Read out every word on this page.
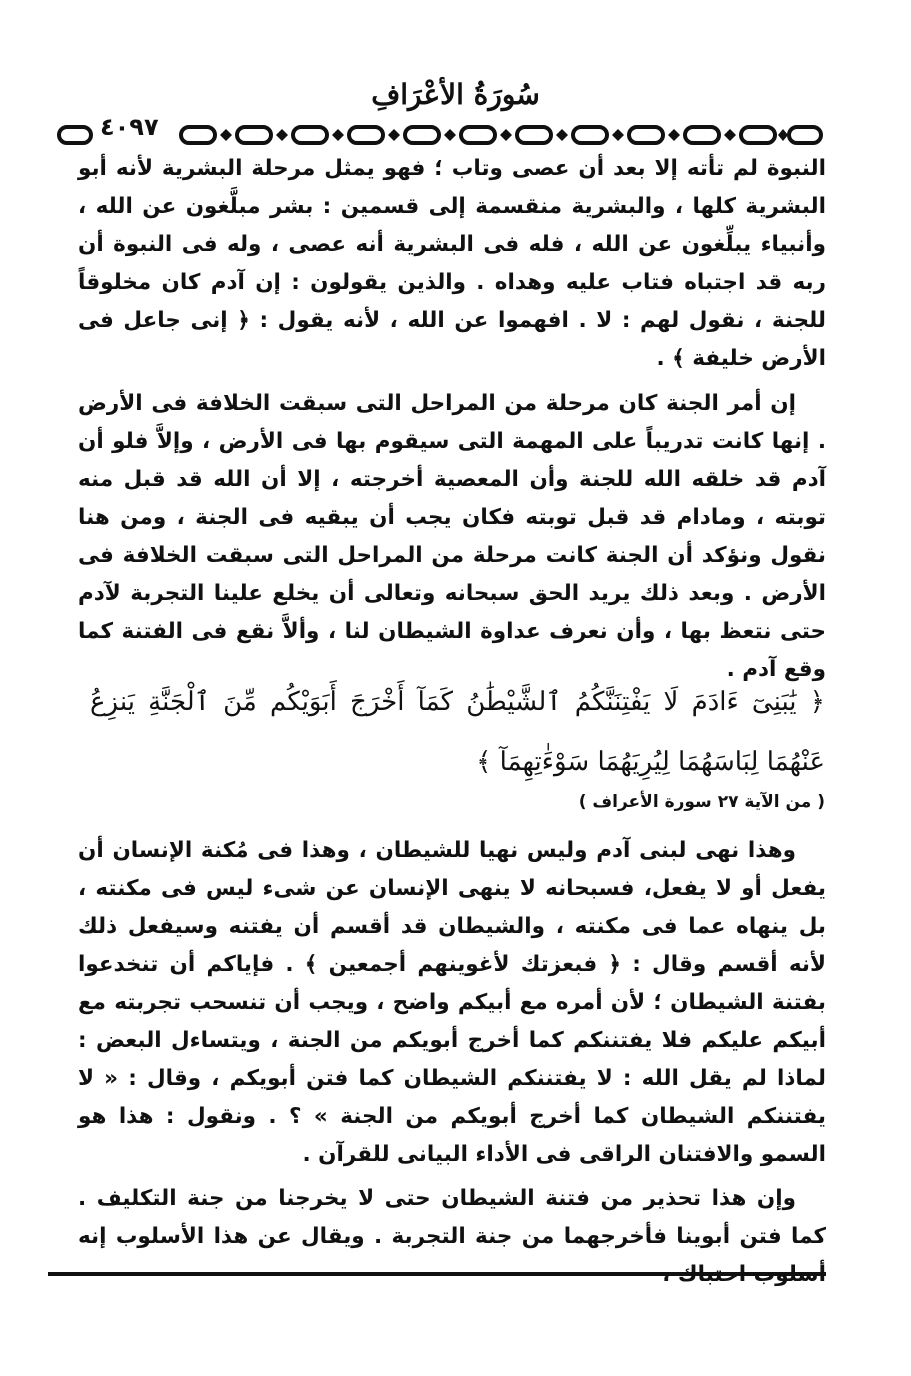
سُورَةُ الأعْرَافِ
٤٠٩٧

النبوة لم تأته إلا بعد أن عصى وتاب ؛ فهو يمثل مرحلة البشرية لأنه أبو البشرية كلها ، والبشرية منقسمة إلى قسمين : بشر مبلَّغون عن الله ، وأنبياء يبلِّغون عن الله ، فله فى البشرية أنه عصى ، وله فى النبوة أن ربه قد اجتباه فتاب عليه وهداه . والذين يقولون : إن آدم كان مخلوقاً للجنة ، نقول لهم : لا . افهموا عن الله ، لأنه يقول : ﴿ إنى جاعل فى الأرض خليفة ﴾ .

إن أمر الجنة كان مرحلة من المراحل التى سبقت الخلافة فى الأرض . إنها كانت تدريباً على المهمة التى سيقوم بها فى الأرض ، وإلاَّ فلو أن آدم قد خلقه الله للجنة وأن المعصية أخرجته ، إلا أن الله قد قبل منه توبته ، ومادام قد قبل توبته فكان يجب أن يبقيه فى الجنة ، ومن هنا نقول ونؤكد أن الجنة كانت مرحلة من المراحل التى سبقت الخلافة فى الأرض . وبعد ذلك يريد الحق سبحانه وتعالى أن يخلع علينا التجربة لآدم حتى نتعظ بها ، وأن نعرف عداوة الشيطان لنا ، وألاَّ نقع فى الفتنة كما وقع آدم .

﴿ يَٰبَنِىٓ ءَادَمَ لَا يَفْتِنَنَّكُمُ ٱلشَّيْطَٰنُ كَمَآ أَخْرَجَ أَبَوَيْكُم مِّنَ ٱلْجَنَّةِ يَنزِعُ عَنْهُمَا لِبَاسَهُمَا لِيُرِيَهُمَا سَوْءَٰتِهِمَآ ﴾
( من الآية ٢٧ سورة الأعراف )

وهذا نهى لبنى آدم وليس نهيا للشيطان ، وهذا فى مُكنة الإنسان أن يفعل أو لا يفعل، فسبحانه لا ينهى الإنسان عن شىء ليس فى مكنته ، بل ينهاه عما فى مكنته ، والشيطان قد أقسم أن يفتنه وسيفعل ذلك لأنه أقسم وقال : ﴿ فبعزتك لأغوينهم أجمعين ﴾ . فإياكم أن تنخدعوا بفتنة الشيطان ؛ لأن أمره مع أبيكم واضح ، ويجب أن تنسحب تجربته مع أبيكم عليكم فلا يفتننكم كما أخرج أبويكم من الجنة ، ويتساءل البعض : لماذا لم يقل الله : لا يفتننكم الشيطان كما فتن أبويكم ، وقال : « لا يفتننكم الشيطان كما أخرج أبويكم من الجنة » ؟ . ونقول : هذا هو السمو والافتنان الراقى فى الأداء البيانى للقرآن .

وإن هذا تحذير من فتنة الشيطان حتى لا يخرجنا من جنة التكليف . كما فتن أبوينا فأخرجهما من جنة التجربة . ويقال عن هذا الأسلوب إنه أسلوب احتباك ،
